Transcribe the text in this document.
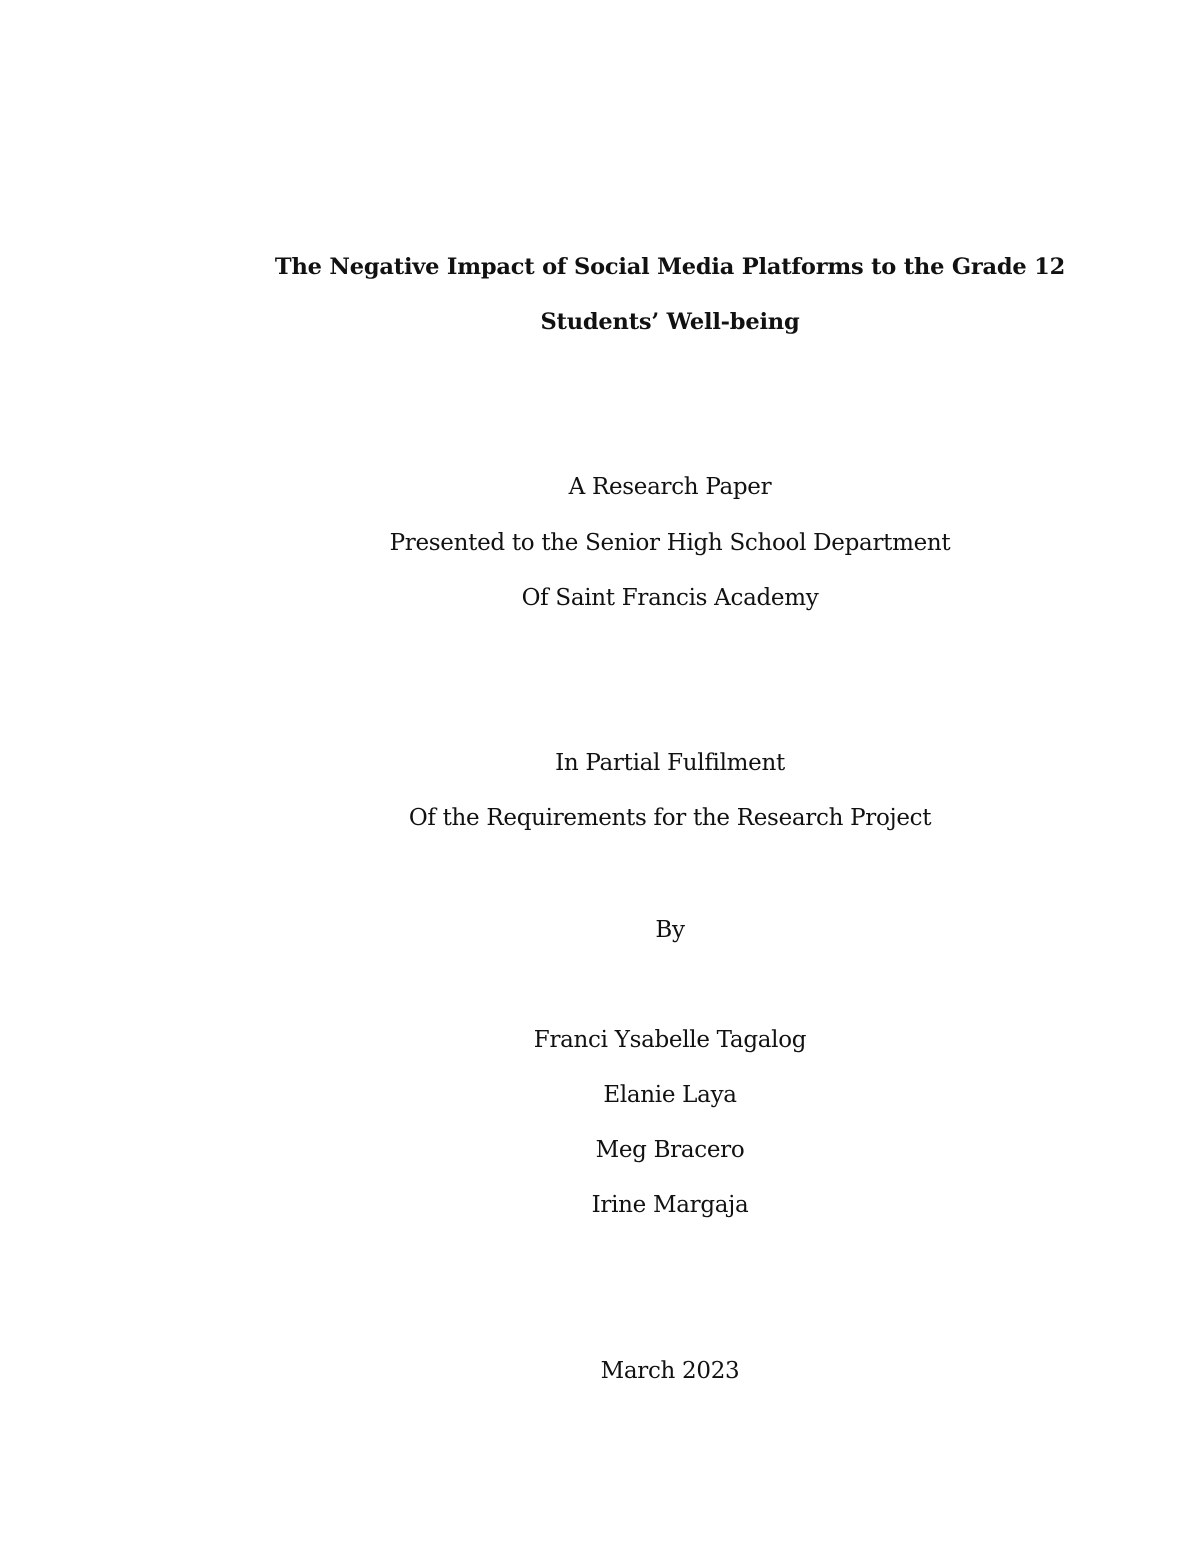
The Negative Impact of Social Media Platforms to the Grade 12
Students’ Well-being
A Research Paper
Presented to the Senior High School Department
Of Saint Francis Academy
In Partial Fulfilment
Of the Requirements for the Research Project
By
Franci Ysabelle Tagalog
Elanie Laya
Meg Bracero
Irine Margaja
March 2023
